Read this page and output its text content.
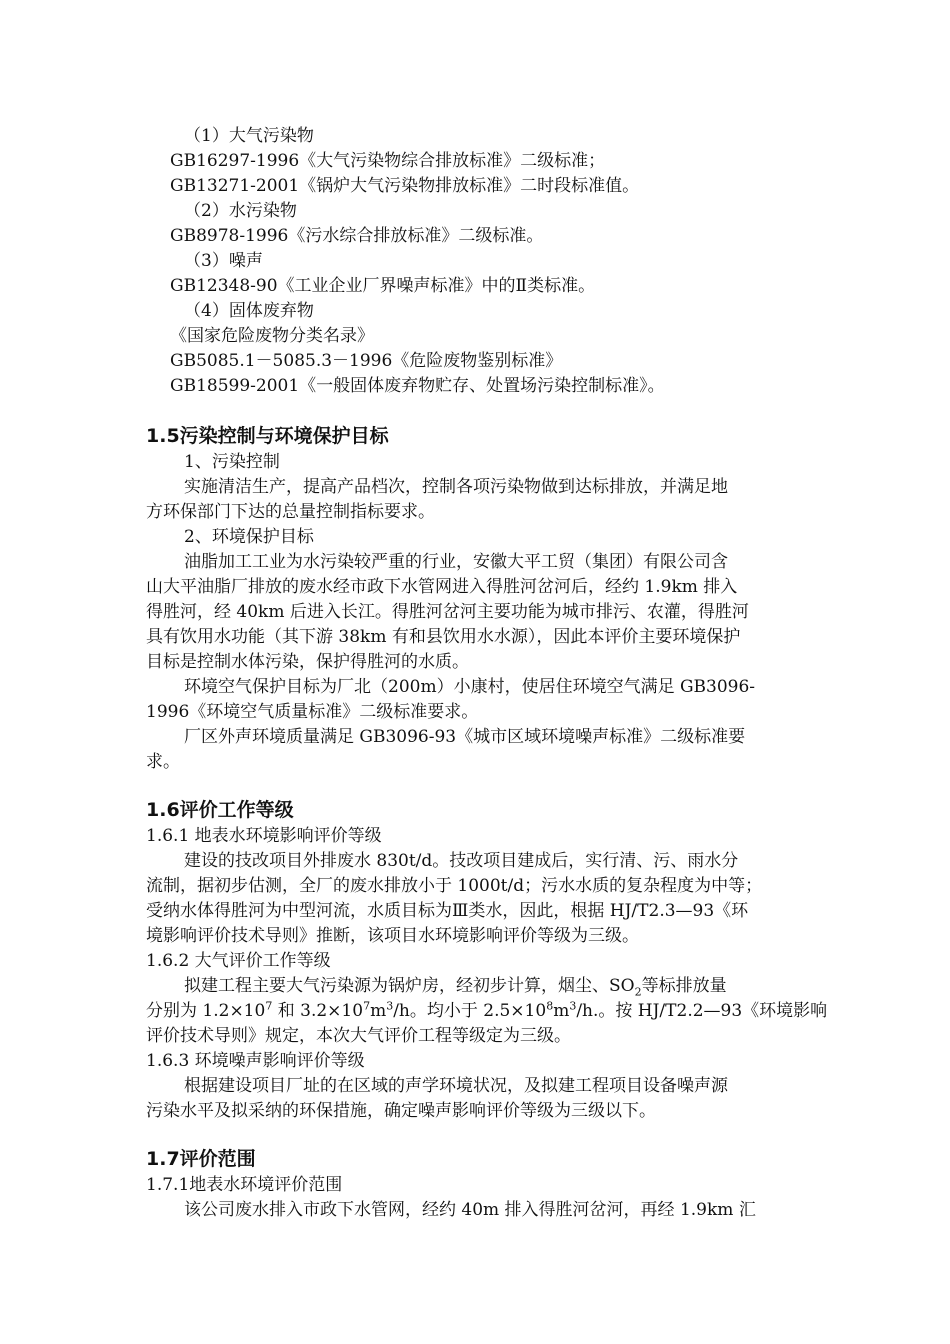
（1）大气污染物
GB16297-1996《大气污染物综合排放标准》二级标准；
GB13271-2001《锅炉大气污染物排放标准》二时段标准值。
（2）水污染物
GB8978-1996《污水综合排放标准》二级标准。
（3）噪声
GB12348-90《工业企业厂界噪声标准》中的Ⅱ类标准。
（4）固体废弃物
《国家危险废物分类名录》
GB5085.1－5085.3－1996《危险废物鉴别标准》
GB18599-2001《一般固体废弃物贮存、处置场污染控制标准》。
1.5污染控制与环境保护目标
1、污染控制
实施清洁生产，提高产品档次，控制各项污染物做到达标排放，并满足地
方环保部门下达的总量控制指标要求。
2、环境保护目标
油脂加工工业为水污染较严重的行业，安徽大平工贸（集团）有限公司含
山大平油脂厂排放的废水经市政下水管网进入得胜河岔河后，经约 1.9km 排入
得胜河，经 40km 后进入长江。得胜河岔河主要功能为城市排污、农灌，得胜河
具有饮用水功能（其下游 38km 有和县饮用水水源），因此本评价主要环境保护
目标是控制水体污染，保护得胜河的水质。
环境空气保护目标为厂北（200m）小康村，使居住环境空气满足 GB3096-
1996《环境空气质量标准》二级标准要求。
厂区外声环境质量满足 GB3096-93《城市区域环境噪声标准》二级标准要
求。
1.6评价工作等级
1.6.1 地表水环境影响评价等级
建设的技改项目外排废水 830t/d。技改项目建成后，实行清、污、雨水分
流制，据初步估测，全厂的废水排放小于 1000t/d；污水水质的复杂程度为中等；
受纳水体得胜河为中型河流，水质目标为Ⅲ类水，因此，根据 HJ/T2.3—93《环
境影响评价技术导则》推断，该项目水环境影响评价等级为三级。
1.6.2 大气评价工作等级
拟建工程主要大气污染源为锅炉房，经初步计算，烟尘、$SO_2$等标排放量
分别为 $1.2\times 10^7$ 和 $3.2\times 10^7m^3/h$。均小于 $2.5\times 10^8m^3/h$.。按 HJ/T2.2—93《环境影响
评价技术导则》规定，本次大气评价工程等级定为三级。
1.6.3 环境噪声影响评价等级
根据建设项目厂址的在区域的声学环境状况，及拟建工程项目设备噪声源
污染水平及拟采纳的环保措施，确定噪声影响评价等级为三级以下。
1.7评价范围
1.7.1地表水环境评价范围
该公司废水排入市政下水管网，经约 40m 排入得胜河岔河，再经 1.9km 汇
